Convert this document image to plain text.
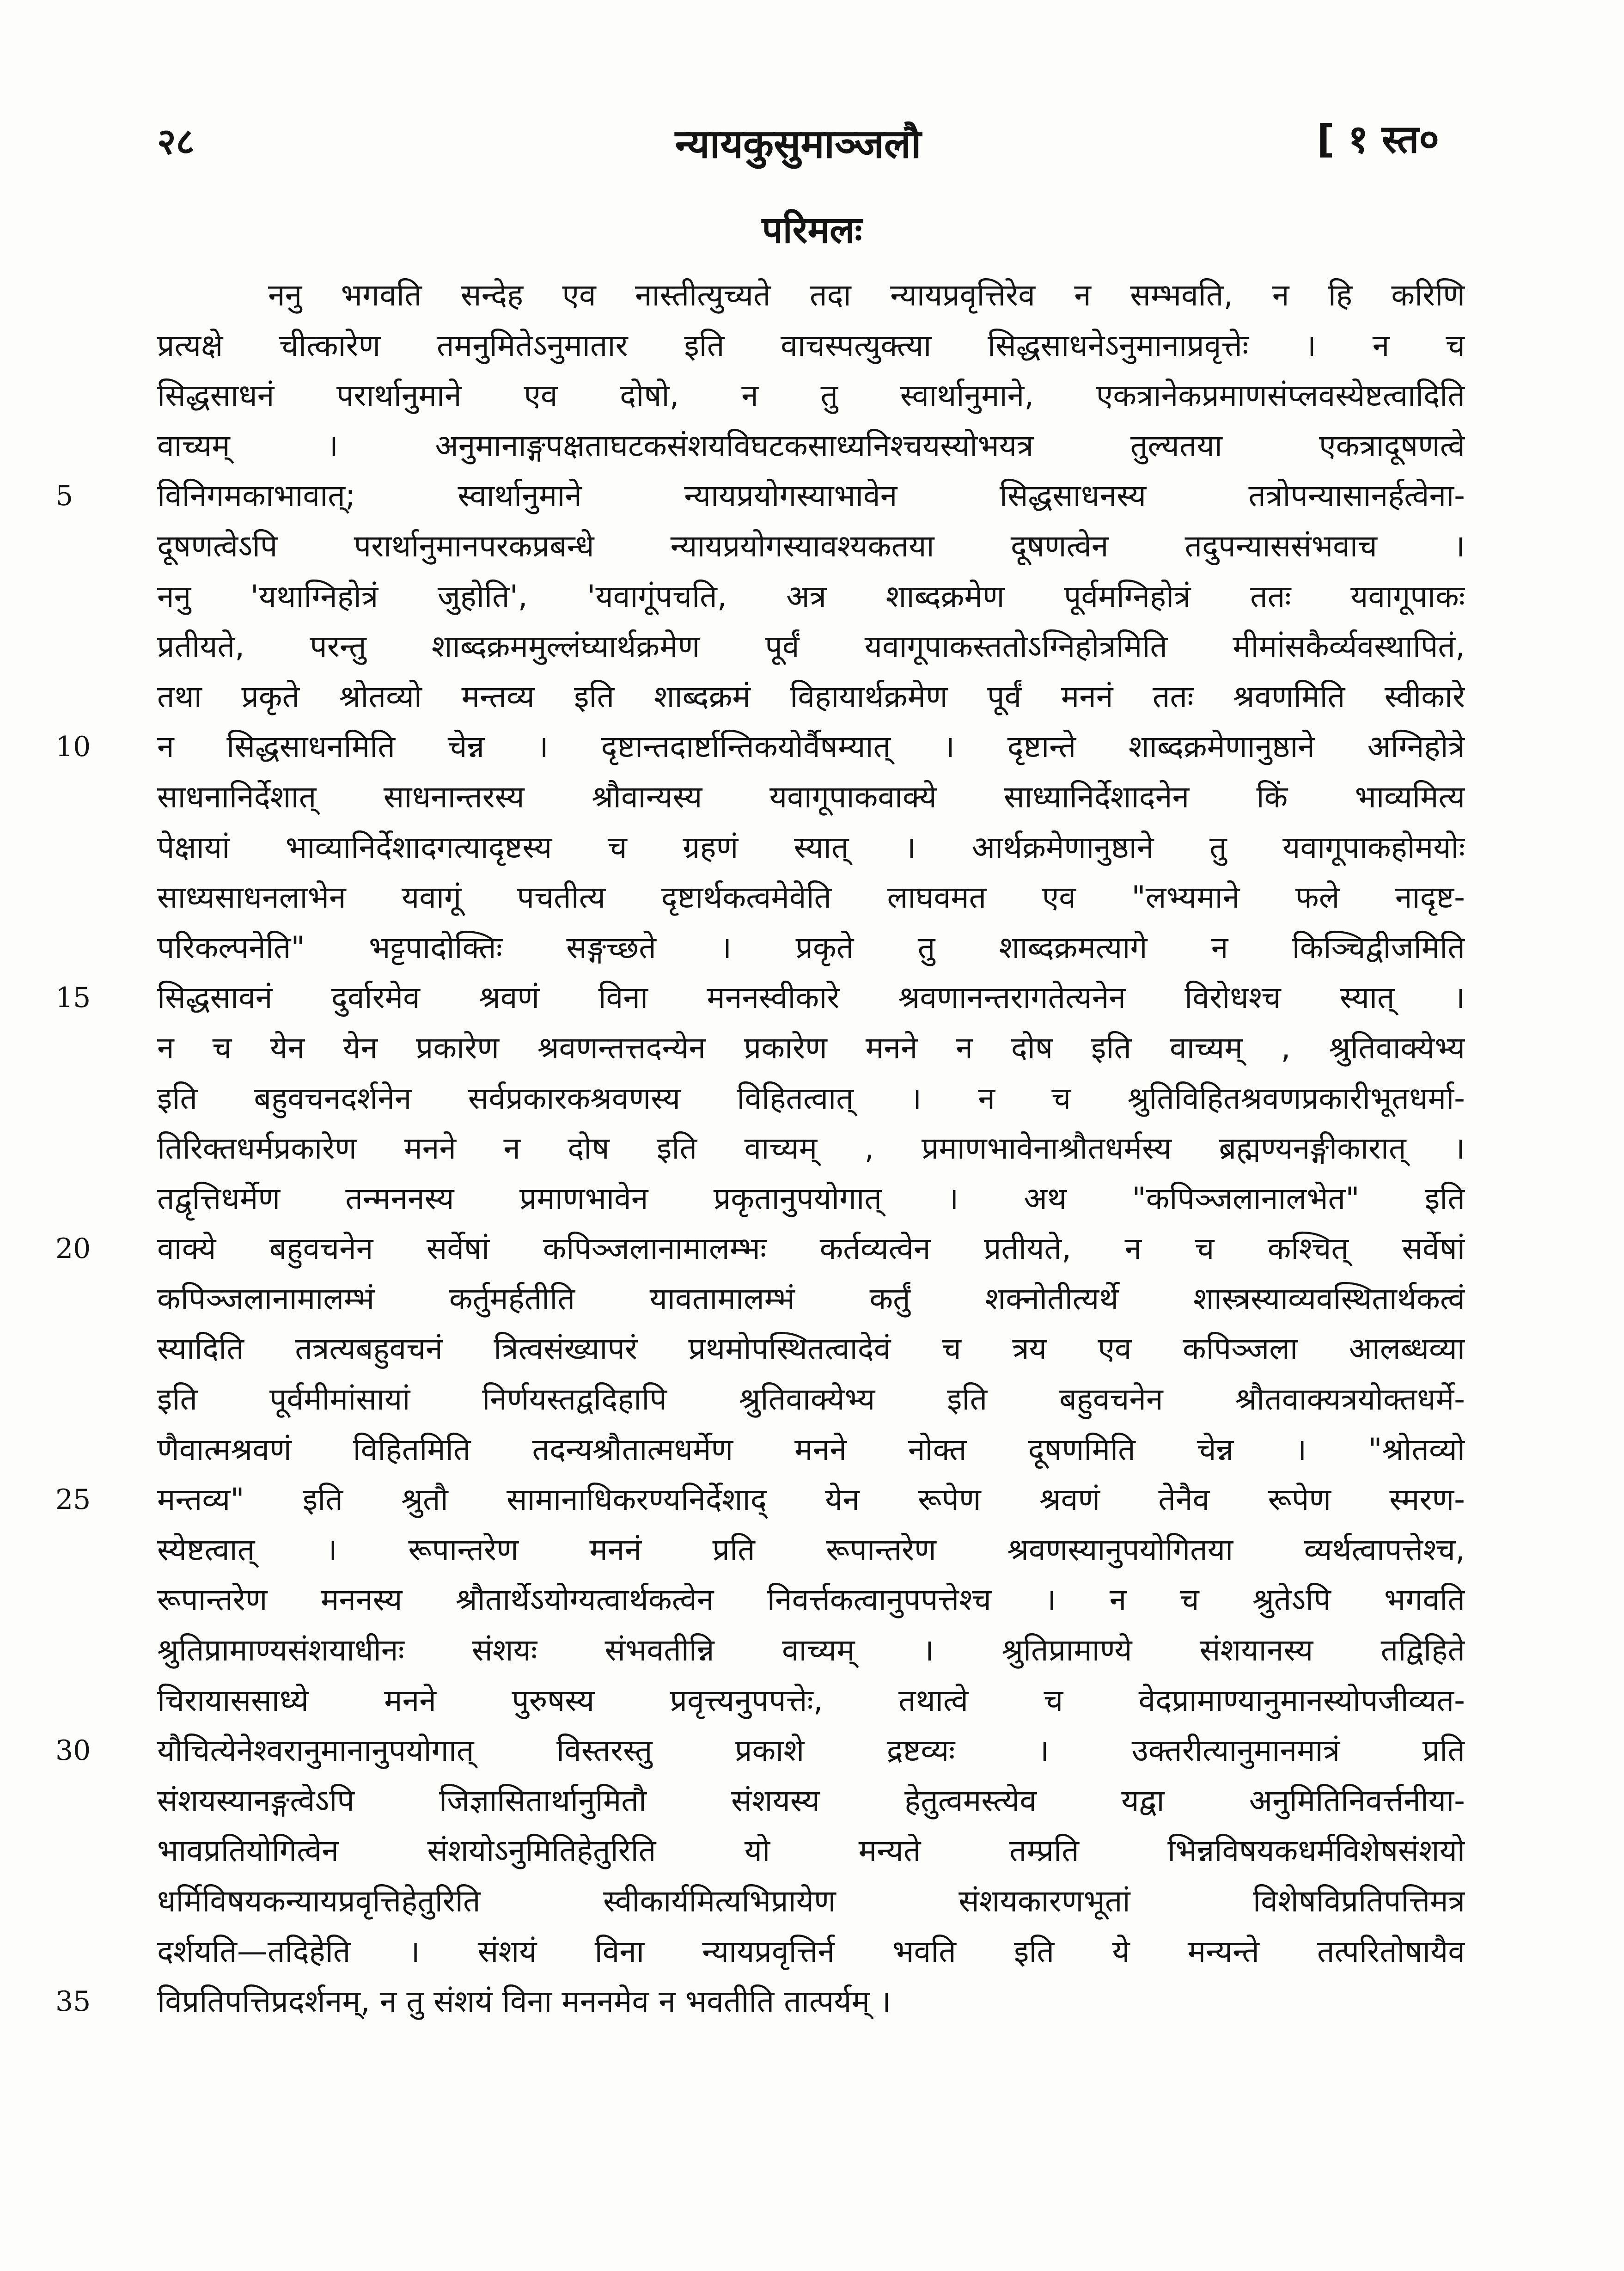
२८	न्यायकुसुमाञ्जलौ	[ १ स्त०
परिमलः
5
10
15
20
25
30
35
ननु भगवति सन्देह एव नास्तीत्युच्यते तदा न्यायप्रवृत्तिरेव न सम्भवति, न हि करिणि
प्रत्यक्षे चीत्कारेण तमनुमितेऽनुमातार इति वाचस्पत्युक्त्या सिद्धसाधनेऽनुमानाप्रवृत्तेः । न च
सिद्धसाधनं परार्थानुमाने एव दोषो, न तु स्वार्थानुमाने, एकत्रानेकप्रमाणसंप्लवस्येष्टत्वादिति
वाच्यम् । अनुमानाङ्गपक्षताघटकसंशयविघटकसाध्यनिश्चयस्योभयत्र तुल्यतया एकत्रादूषणत्वे
विनिगमकाभावात्; स्वार्थानुमाने न्यायप्रयोगस्याभावेन सिद्धसाधनस्य तत्रोपन्यासानर्हत्वेना-
दूषणत्वेऽपि परार्थानुमानपरकप्रबन्धे न्यायप्रयोगस्यावश्यकतया दूषणत्वेन तदुपन्याससंभवाच ।
ननु 'यथाग्निहोत्रं जुहोति', 'यवागूंपचति, अत्र शाब्दक्रमेण पूर्वमग्निहोत्रं ततः यवागूपाकः
प्रतीयते, परन्तु शाब्दक्रममुल्लंघ्यार्थक्रमेण पूर्वं यवागूपाकस्ततोऽग्निहोत्रमिति मीमांसकैर्व्यवस्थापितं,
तथा प्रकृते श्रोतव्यो मन्तव्य इति शाब्दक्रमं विहायार्थक्रमेण पूर्वं मननं ततः श्रवणमिति स्वीकारे
न सिद्धसाधनमिति चेन्न । दृष्टान्तदार्ष्टान्तिकयोर्वैषम्यात् । दृष्टान्ते शाब्दक्रमेणानुष्ठाने अग्निहोत्रे
साधनानिर्देशात् साधनान्तरस्य श्रौवान्यस्य यवागूपाकवाक्ये साध्यानिर्देशादनेन किं भाव्यमित्य
पेक्षायां भाव्यानिर्देशादगत्यादृष्टस्य च ग्रहणं स्यात् । आर्थक्रमेणानुष्ठाने तु यवागूपाकहोमयोः
साध्यसाधनलाभेन यवागूं पचतीत्य दृष्टार्थकत्वमेवेति लाघवमत एव "लभ्यमाने फले नादृष्ट-
परिकल्पनेति" भट्टपादोक्तिः सङ्गच्छते । प्रकृते तु शाब्दक्रमत्यागे न किञ्चिद्वीजमिति
सिद्धसावनं दुर्वारमेव श्रवणं विना मननस्वीकारे श्रवणानन्तरागतेत्यनेन विरोधश्च स्यात् ।
न च येन येन प्रकारेण श्रवणन्तत्तदन्येन प्रकारेण मनने न दोष इति वाच्यम् , श्रुतिवाक्येभ्य
इति बहुवचनदर्शनेन सर्वप्रकारकश्रवणस्य विहितत्वात् । न च श्रुतिविहितश्रवणप्रकारीभूतधर्मा-
तिरिक्तधर्मप्रकारेण मनने न दोष इति वाच्यम् , प्रमाणभावेनाश्रौतधर्मस्य ब्रह्मण्यनङ्गीकारात् ।
तद्वृत्तिधर्मेण तन्मननस्य प्रमाणभावेन प्रकृतानुपयोगात् । अथ "कपिञ्जलानालभेत" इति
वाक्ये बहुवचनेन सर्वेषां कपिञ्जलानामालम्भः कर्तव्यत्वेन प्रतीयते, न च कश्चित् सर्वेषां
कपिञ्जलानामालम्भं कर्तुमर्हतीति यावतामालम्भं कर्तुं शक्नोतीत्यर्थे शास्त्रस्याव्यवस्थितार्थकत्वं
स्यादिति तत्रत्यबहुवचनं त्रित्वसंख्यापरं प्रथमोपस्थितत्वादेवं च त्रय एव कपिञ्जला आलब्धव्या
इति पूर्वमीमांसायां निर्णयस्तद्वदिहापि श्रुतिवाक्येभ्य इति बहुवचनेन श्रौतवाक्यत्रयोक्तधर्मे-
णैवात्मश्रवणं विहितमिति तदन्यश्रौतात्मधर्मेण मनने नोक्त दूषणमिति चेन्न । "श्रोतव्यो
मन्तव्य" इति श्रुतौ सामानाधिकरण्यनिर्देशाद् येन रूपेण श्रवणं तेनैव रूपेण स्मरण-
स्येष्टत्वात् । रूपान्तरेण मननं प्रति रूपान्तरेण श्रवणस्यानुपयोगितया व्यर्थत्वापत्तेश्च,
रूपान्तरेण मननस्य श्रौतार्थेऽयोग्यत्वार्थकत्वेन निवर्त्तकत्वानुपपत्तेश्च । न च श्रुतेऽपि भगवति
श्रुतिप्रामाण्यसंशयाधीनः संशयः संभवतीन्नि वाच्यम् । श्रुतिप्रामाण्ये संशयानस्य तद्विहिते
चिरायाससाध्ये मनने पुरुषस्य प्रवृत्त्यनुपपत्तेः, तथात्वे च वेदप्रामाण्यानुमानस्योपजीव्यत-
यौचित्येनेश्वरानुमानानुपयोगात् विस्तरस्तु प्रकाशे द्रष्टव्यः । उक्तरीत्यानुमानमात्रं प्रति
संशयस्यानङ्गत्वेऽपि जिज्ञासितार्थानुमितौ संशयस्य हेतुत्वमस्त्येव यद्वा अनुमितिनिवर्त्तनीया-
भावप्रतियोगित्वेन संशयोऽनुमितिहेतुरिति यो मन्यते तम्प्रति भिन्नविषयकधर्मविशेषसंशयो
धर्मिविषयकन्यायप्रवृत्तिहेतुरिति स्वीकार्यमित्यभिप्रायेण संशयकारणभूतां विशेषविप्रतिपत्तिमत्र
दर्शयति—तदिहेति । संशयं विना न्यायप्रवृत्तिर्न भवति इति ये मन्यन्ते तत्परितोषायैव
विप्रतिपत्तिप्रदर्शनम्, न तु संशयं विना मननमेव न भवतीति तात्पर्यम् ।
